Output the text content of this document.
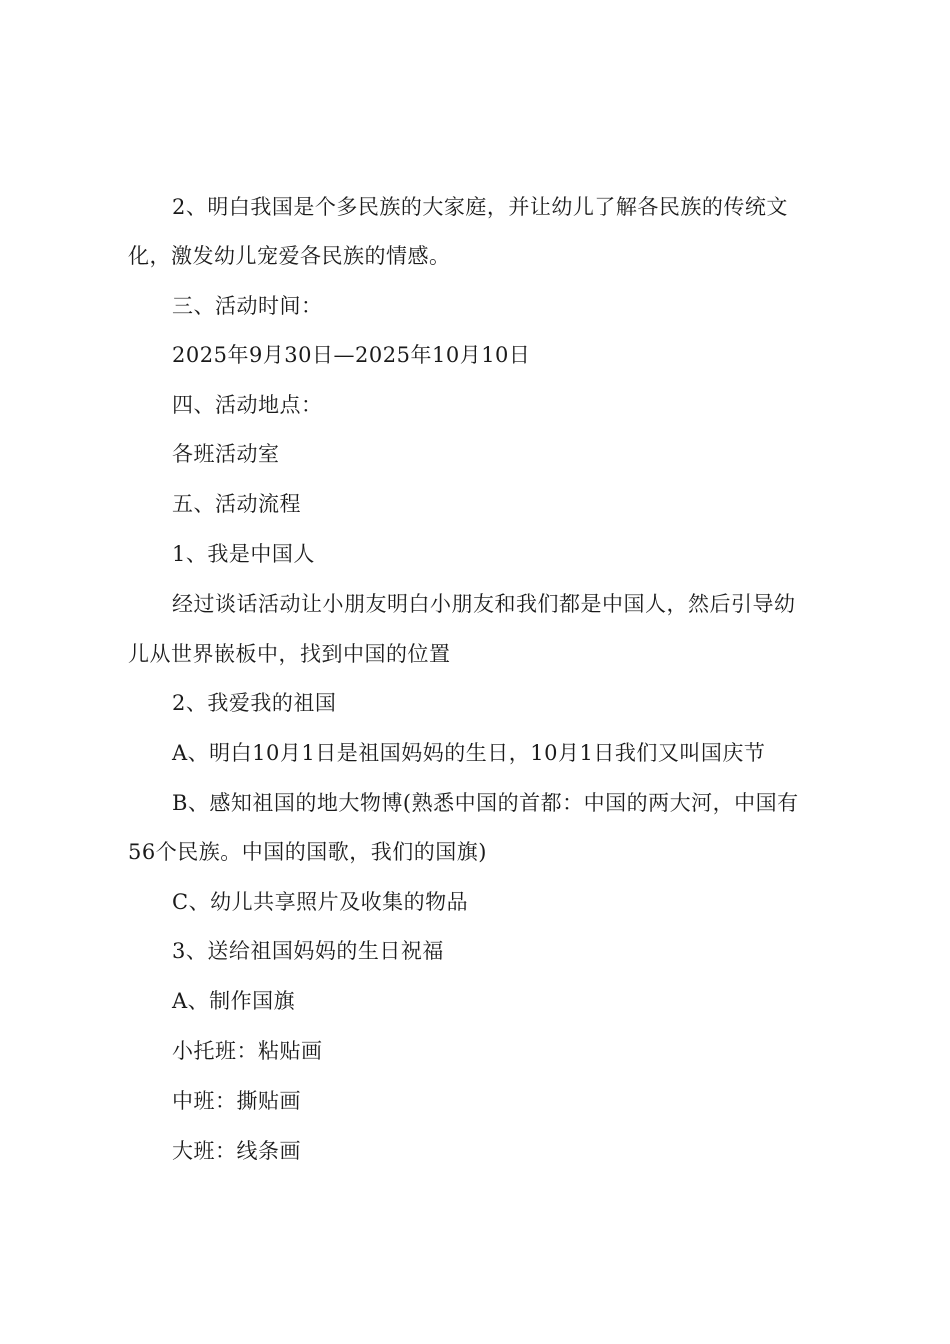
2、明白我国是个多民族的大家庭，并让幼儿了解各民族的传统文
化，激发幼儿宠爱各民族的情感。
三、活动时间：
2025年9月30日—2025年10月10日
四、活动地点：
各班活动室
五、活动流程
1、我是中国人
经过谈话活动让小朋友明白小朋友和我们都是中国人，然后引导幼
儿从世界嵌板中，找到中国的位置
2、我爱我的祖国
A、明白10月1日是祖国妈妈的生日，10月1日我们又叫国庆节
B、感知祖国的地大物博(熟悉中国的首都：中国的两大河，中国有
56个民族。中国的国歌，我们的国旗)
C、幼儿共享照片及收集的物品
3、送给祖国妈妈的生日祝福
A、制作国旗
小托班：粘贴画
中班：撕贴画
大班：线条画
